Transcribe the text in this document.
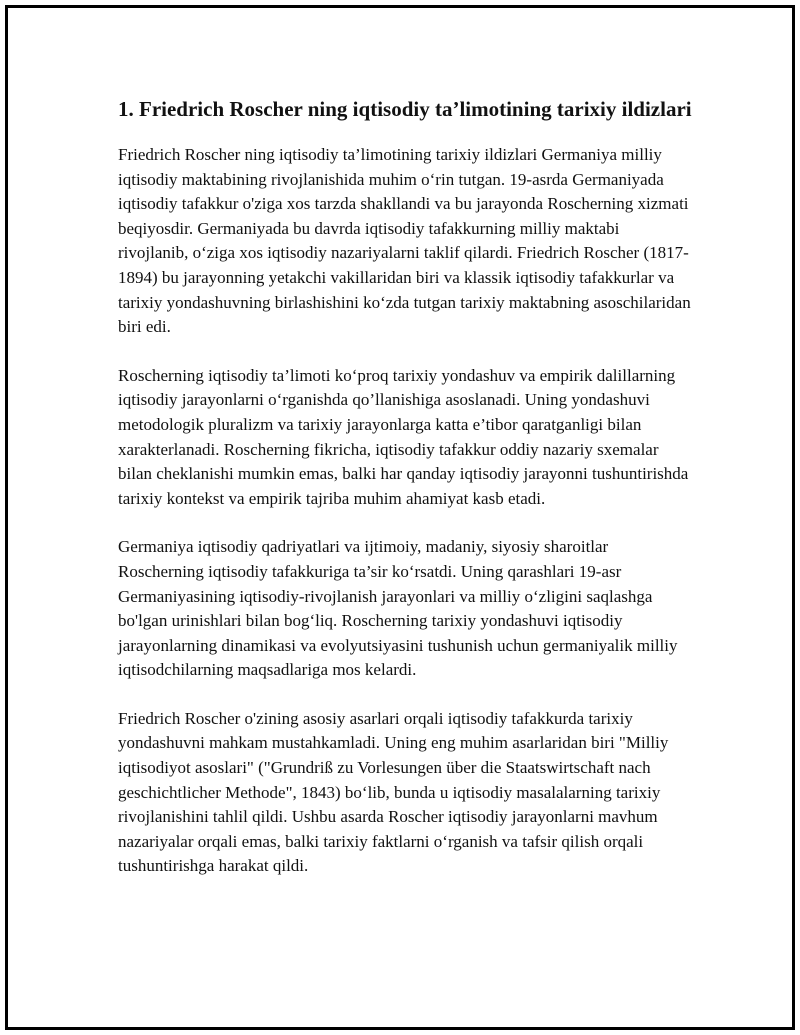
1. Friedrich Roscher ning iqtisodiy ta’limotining tarixiy ildizlari

Friedrich Roscher ning iqtisodiy ta’limotining tarixiy ildizlari Germaniya milliy iqtisodiy maktabining rivojlanishida muhim o‘rin tutgan. 19-asrda Germaniyada iqtisodiy tafakkur o'ziga xos tarzda shakllandi va bu jarayonda Roscherning xizmati beqiyosdir. Germaniyada bu davrda iqtisodiy tafakkurning milliy maktabi rivojlanib, o‘ziga xos iqtisodiy nazariyalarni taklif qilardi. Friedrich Roscher (1817-1894) bu jarayonning yetakchi vakillaridan biri va klassik iqtisodiy tafakkurlar va tarixiy yondashuvning birlashishini ko‘zda tutgan tarixiy maktabning asoschilaridan biri edi.

Roscherning iqtisodiy ta’limoti ko‘proq tarixiy yondashuv va empirik dalillarning iqtisodiy jarayonlarni o‘rganishda qo’llanishiga asoslanadi. Uning yondashuvi metodologik pluralizm va tarixiy jarayonlarga katta e’tibor qaratganligi bilan xarakterlanadi. Roscherning fikricha, iqtisodiy tafakkur oddiy nazariy sxemalar bilan cheklanishi mumkin emas, balki har qanday iqtisodiy jarayonni tushuntirishda tarixiy kontekst va empirik tajriba muhim ahamiyat kasb etadi.

Germaniya iqtisodiy qadriyatlari va ijtimoiy, madaniy, siyosiy sharoitlar Roscherning iqtisodiy tafakkuriga ta’sir ko‘rsatdi. Uning qarashlari 19-asr Germaniyasining iqtisodiy-rivojlanish jarayonlari va milliy o‘zligini saqlashga bo'lgan urinishlari bilan bog‘liq. Roscherning tarixiy yondashuvi iqtisodiy jarayonlarning dinamikasi va evolyutsiyasini tushunish uchun germaniyalik milliy iqtisodchilarning maqsadlariga mos kelardi.

Friedrich Roscher o'zining asosiy asarlari orqali iqtisodiy tafakkurda tarixiy yondashuvni mahkam mustahkamladi. Uning eng muhim asarlaridan biri "Milliy iqtisodiyot asoslari" ("Grundriß zu Vorlesungen über die Staatswirtschaft nach geschichtlicher Methode", 1843) bo‘lib, bunda u iqtisodiy masalalarning tarixiy rivojlanishini tahlil qildi. Ushbu asarda Roscher iqtisodiy jarayonlarni mavhum nazariyalar orqali emas, balki tarixiy faktlarni o‘rganish va tafsir qilish orqali tushuntirishga harakat qildi.
